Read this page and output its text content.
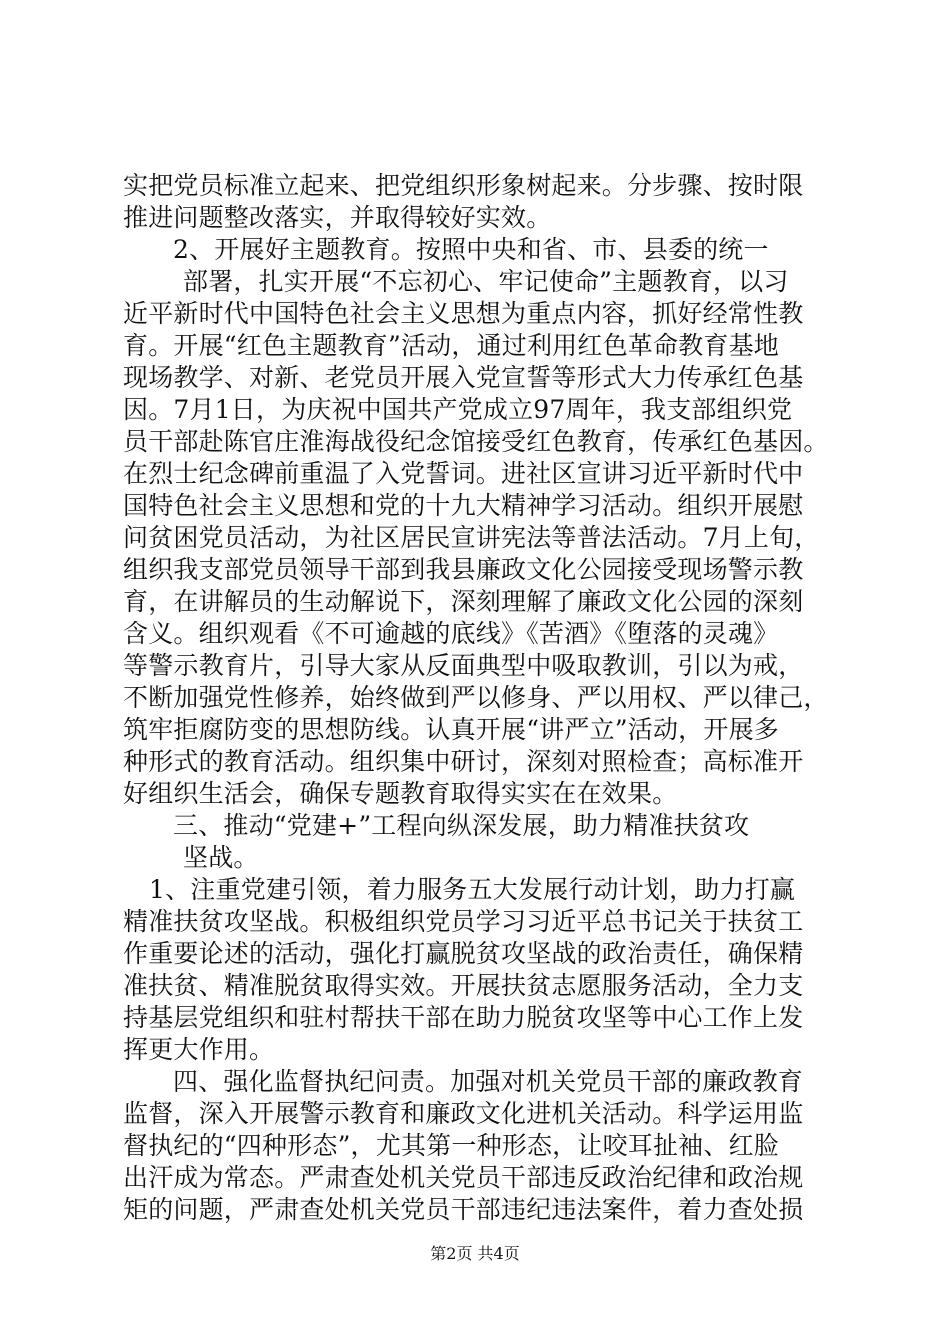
实把党员标准立起来、把党组织形象树起来。分步骤、按时限
推进问题整改落实，并取得较好实效。
2、开展好主题教育。按照中央和省、市、县委的统一
部署，扎实开展“不忘初心、牢记使命”主题教育，以习
近平新时代中国特色社会主义思想为重点内容，抓好经常性教
育。开展“红色主题教育”活动，通过利用红色革命教育基地
现场教学、对新、老党员开展入党宣誓等形式大力传承红色基
因。7月1日，为庆祝中国共产党成立97周年，我支部组织党
员干部赴陈官庄淮海战役纪念馆接受红色教育，传承红色基因。
在烈士纪念碑前重温了入党誓词。进社区宣讲习近平新时代中
国特色社会主义思想和党的十九大精神学习活动。组织开展慰
问贫困党员活动，为社区居民宣讲宪法等普法活动。7月上旬，
组织我支部党员领导干部到我县廉政文化公园接受现场警示教
育，在讲解员的生动解说下，深刻理解了廉政文化公园的深刻
含义。组织观看《不可逾越的底线》《苦酒》《堕落的灵魂》
等警示教育片，引导大家从反面典型中吸取教训，引以为戒，
不断加强党性修养，始终做到严以修身、严以用权、严以律己，
筑牢拒腐防变的思想防线。认真开展“讲严立”活动，开展多
种形式的教育活动。组织集中研讨，深刻对照检查；高标准开
好组织生活会，确保专题教育取得实实在在效果。
三、推动“党建+”工程向纵深发展，助力精准扶贫攻
坚战。
1、注重党建引领，着力服务五大发展行动计划，助力打赢
精准扶贫攻坚战。积极组织党员学习习近平总书记关于扶贫工
作重要论述的活动，强化打赢脱贫攻坚战的政治责任，确保精
准扶贫、精准脱贫取得实效。开展扶贫志愿服务活动，全力支
持基层党组织和驻村帮扶干部在助力脱贫攻坚等中心工作上发
挥更大作用。
四、强化监督执纪问责。加强对机关党员干部的廉政教育
监督，深入开展警示教育和廉政文化进机关活动。科学运用监
督执纪的“四种形态”，尤其第一种形态，让咬耳扯袖、红脸
出汗成为常态。严肃查处机关党员干部违反政治纪律和政治规
矩的问题，严肃查处机关党员干部违纪违法案件，着力查处损
第2页 共4页
